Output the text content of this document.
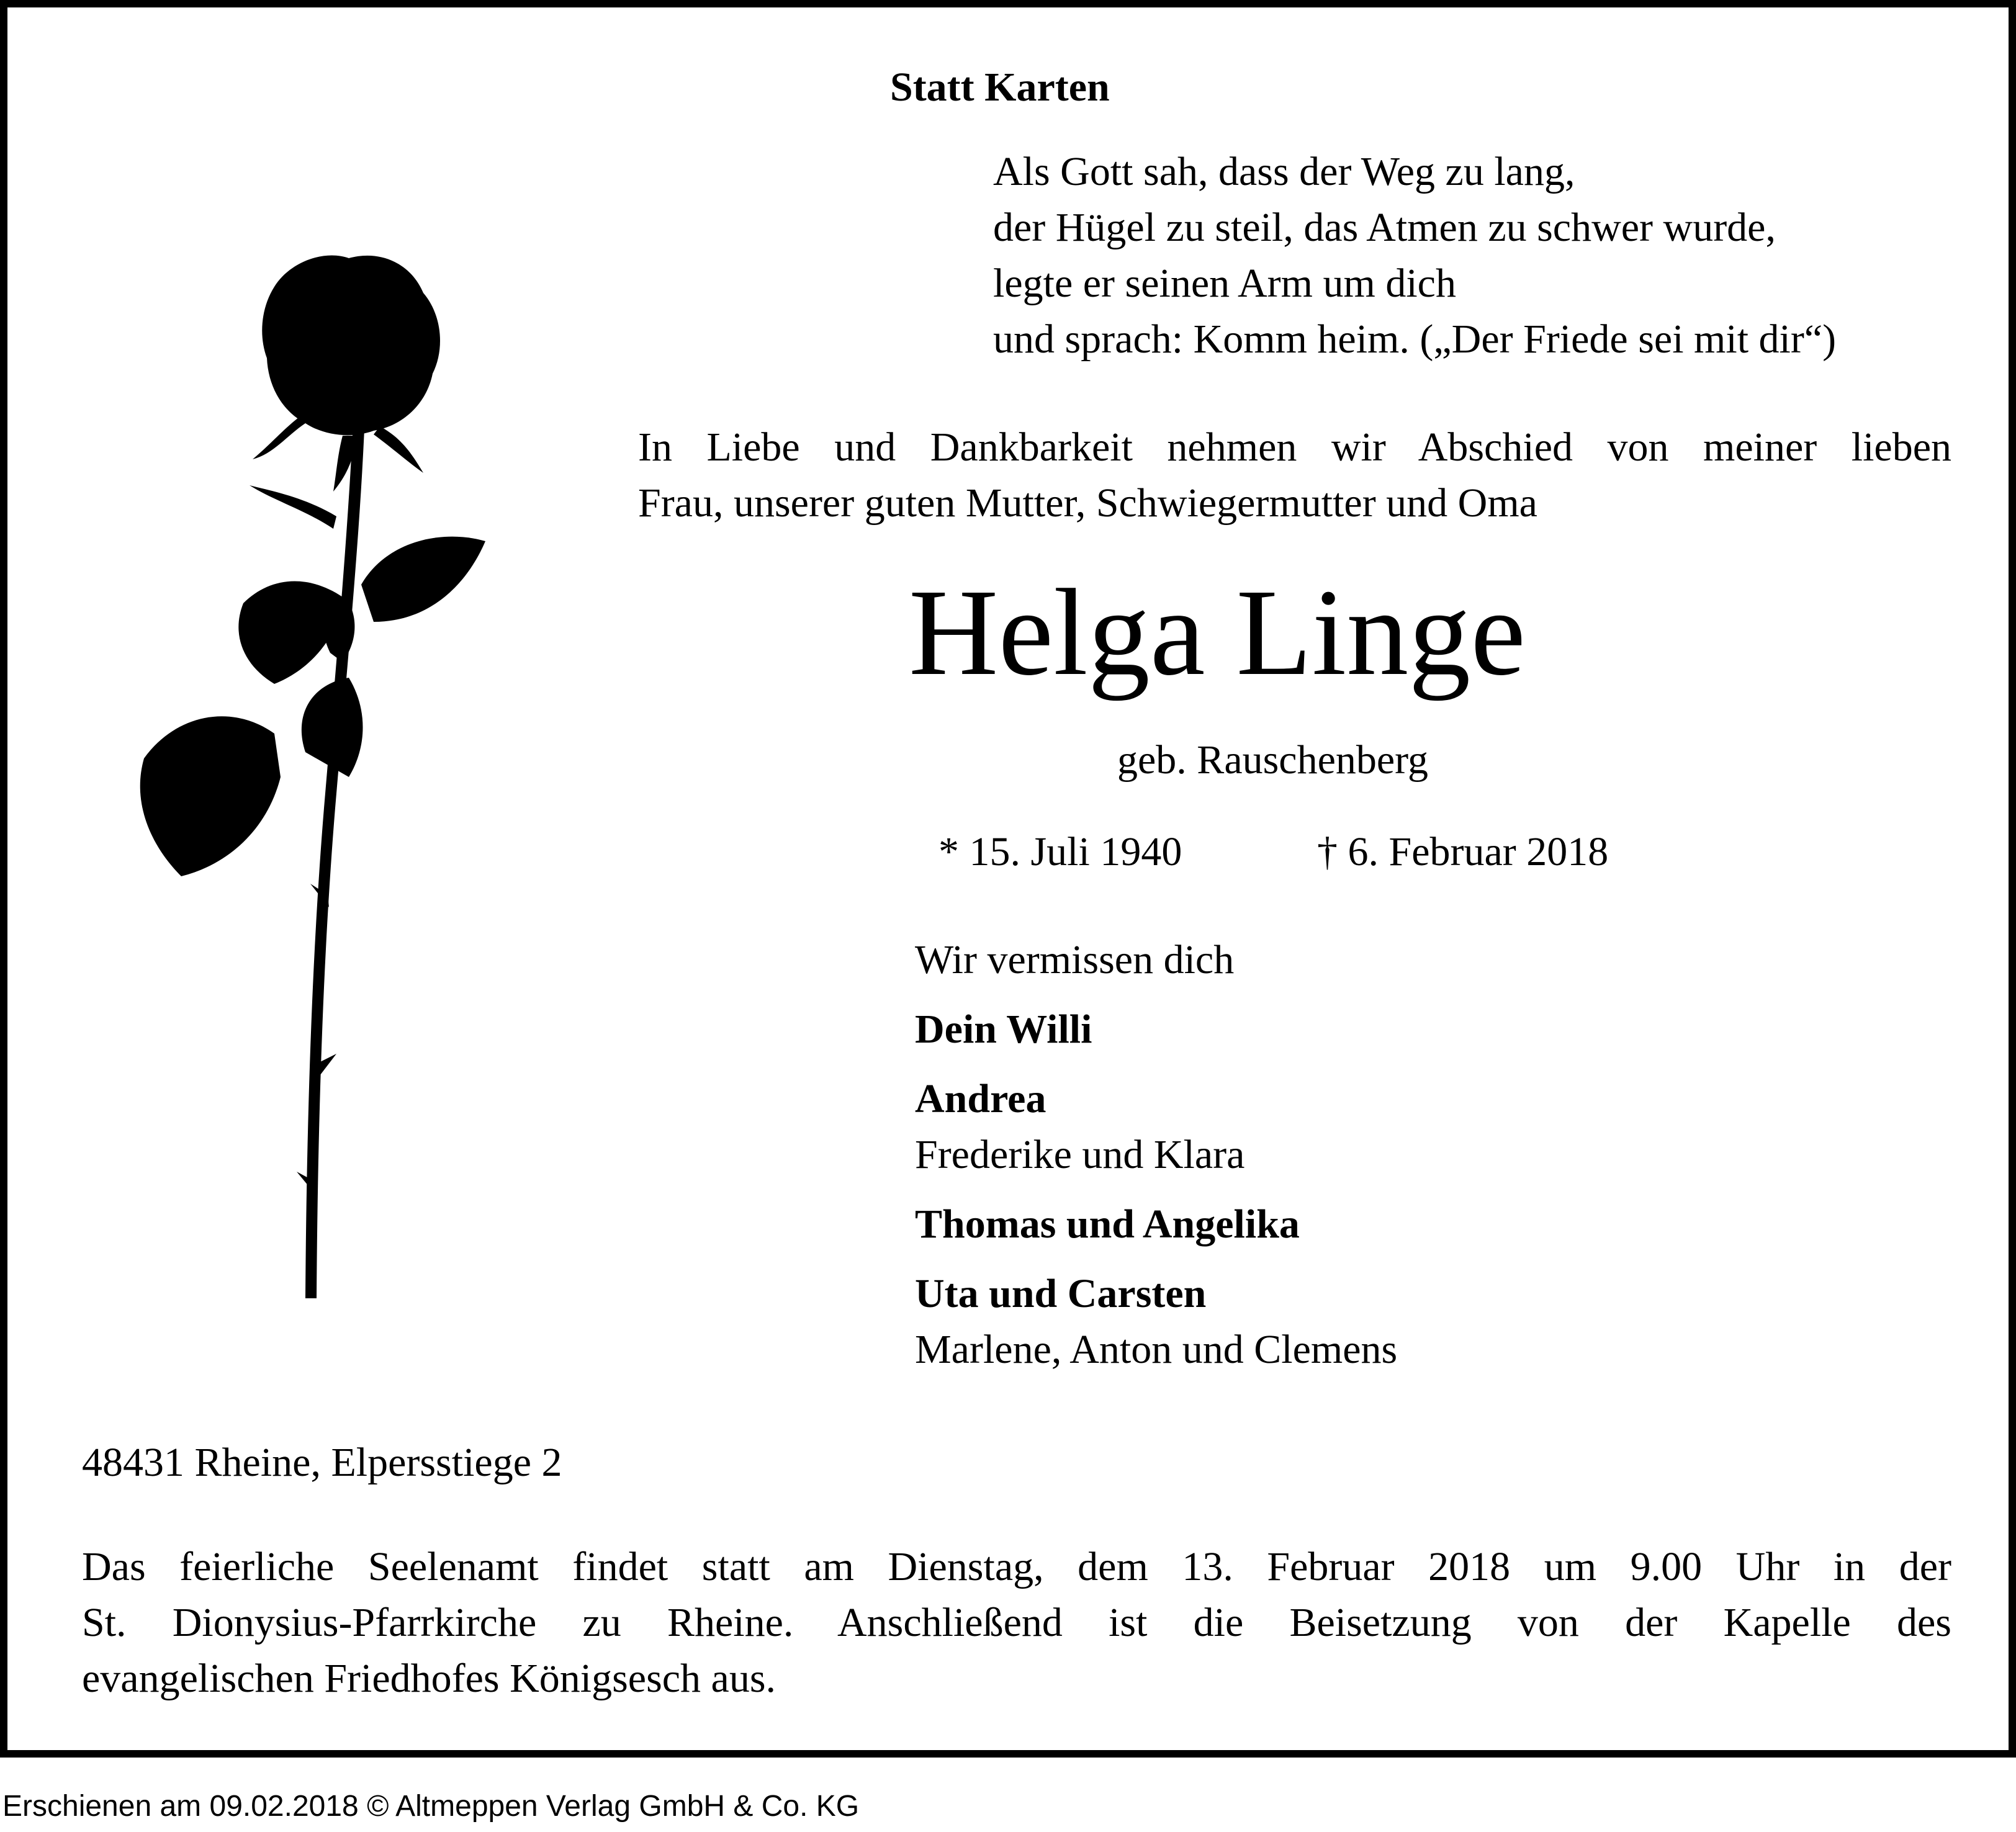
Statt Karten

Als Gott sah, dass der Weg zu lang,
der Hügel zu steil, das Atmen zu schwer wurde,
legte er seinen Arm um dich
und sprach: Komm heim. („Der Friede sei mit dir“)
In Liebe und Dankbarkeit nehmen wir Abschied von meiner lieben
Frau, unserer guten Mutter, Schwiegermutter und Oma

Helga Linge

geb. Rauschenberg

* 15. Juli 1940	† 6. Februar 2018

Wir vermissen dich
Dein Willi
Andrea
Frederike und Klara
Thomas und Angelika
Uta und Carsten
Marlene, Anton und Clemens

48431 Rheine, Elpersstiege 2

Das feierliche Seelenamt findet statt am Dienstag, dem 13. Februar 2018 um 9.00 Uhr in der
St. Dionysius-Pfarrkirche zu Rheine. Anschließend ist die Beisetzung von der Kapelle des
evangelischen Friedhofes Königsesch aus.

Erschienen am 09.02.2018 © Altmeppen Verlag GmbH & Co. KG
